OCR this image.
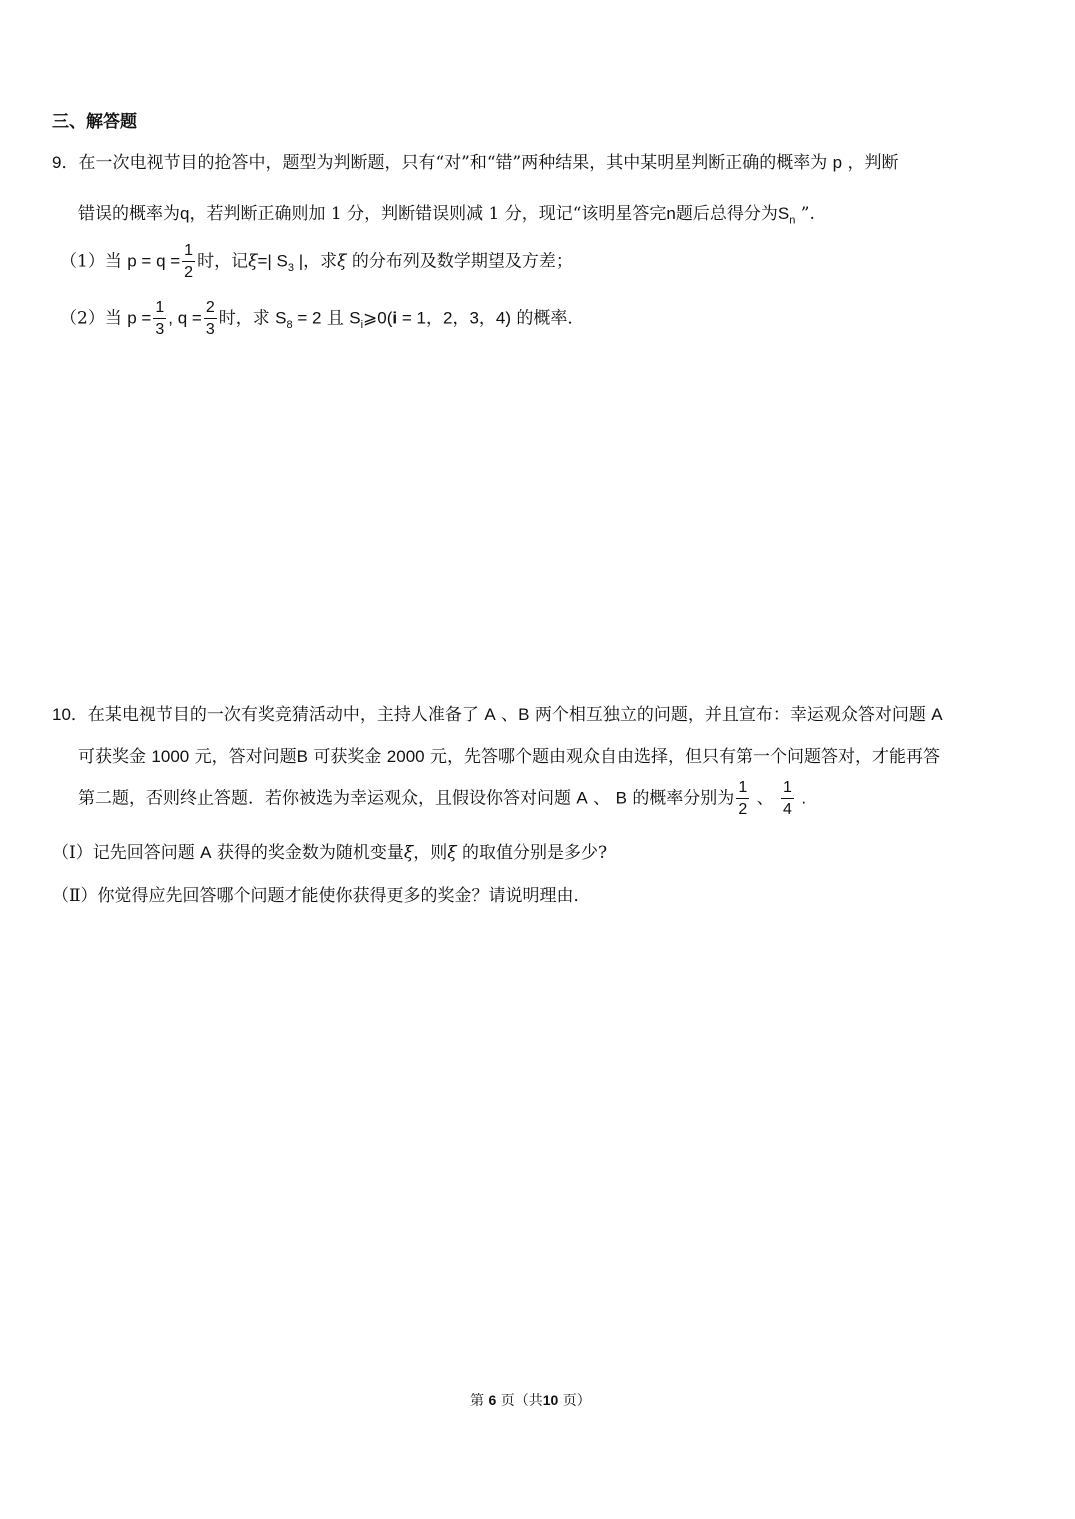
三、解答题
9．在一次电视节目的抢答中，题型为判断题，只有“对”和“错”两种结果，其中某明星判断正确的概率为 p ，判断
错误的概率为q，若判断正确则加 1 分，判断错误则减 1 分，现记“该明星答完n题后总得分为$S_n$ ”.
（1）当 $p = q = \frac{1}{2}$ 时，记ξ=| $S_3$ |，求ξ 的分布列及数学期望及方差；
（2）当 $p = \frac{1}{3}$ , $q = \frac{2}{3}$ 时，求 $S_8 = 2$ 且 $S_i⩾0(i = 1$，2，3，4) 的概率．
10．在某电视节目的一次有奖竞猜活动中，主持人准备了 A 、B 两个相互独立的问题，并且宣布：幸运观众答对问题 A
可获奖金 1000 元，答对问题B 可获奖金 2000 元，先答哪个题由观众自由选择，但只有第一个问题答对，才能再答
第二题，否则终止答题．若你被选为幸运观众，且假设你答对问题 A 、 B 的概率分别为 $\frac{1}{2}$ 、 $\frac{1}{4}$ .
（Ⅰ）记先回答问题 A 获得的奖金数为随机变量ξ，则ξ 的取值分别是多少?
（Ⅱ）你觉得应先回答哪个问题才能使你获得更多的奖金？请说明理由．
第 6 页（共10 页）
